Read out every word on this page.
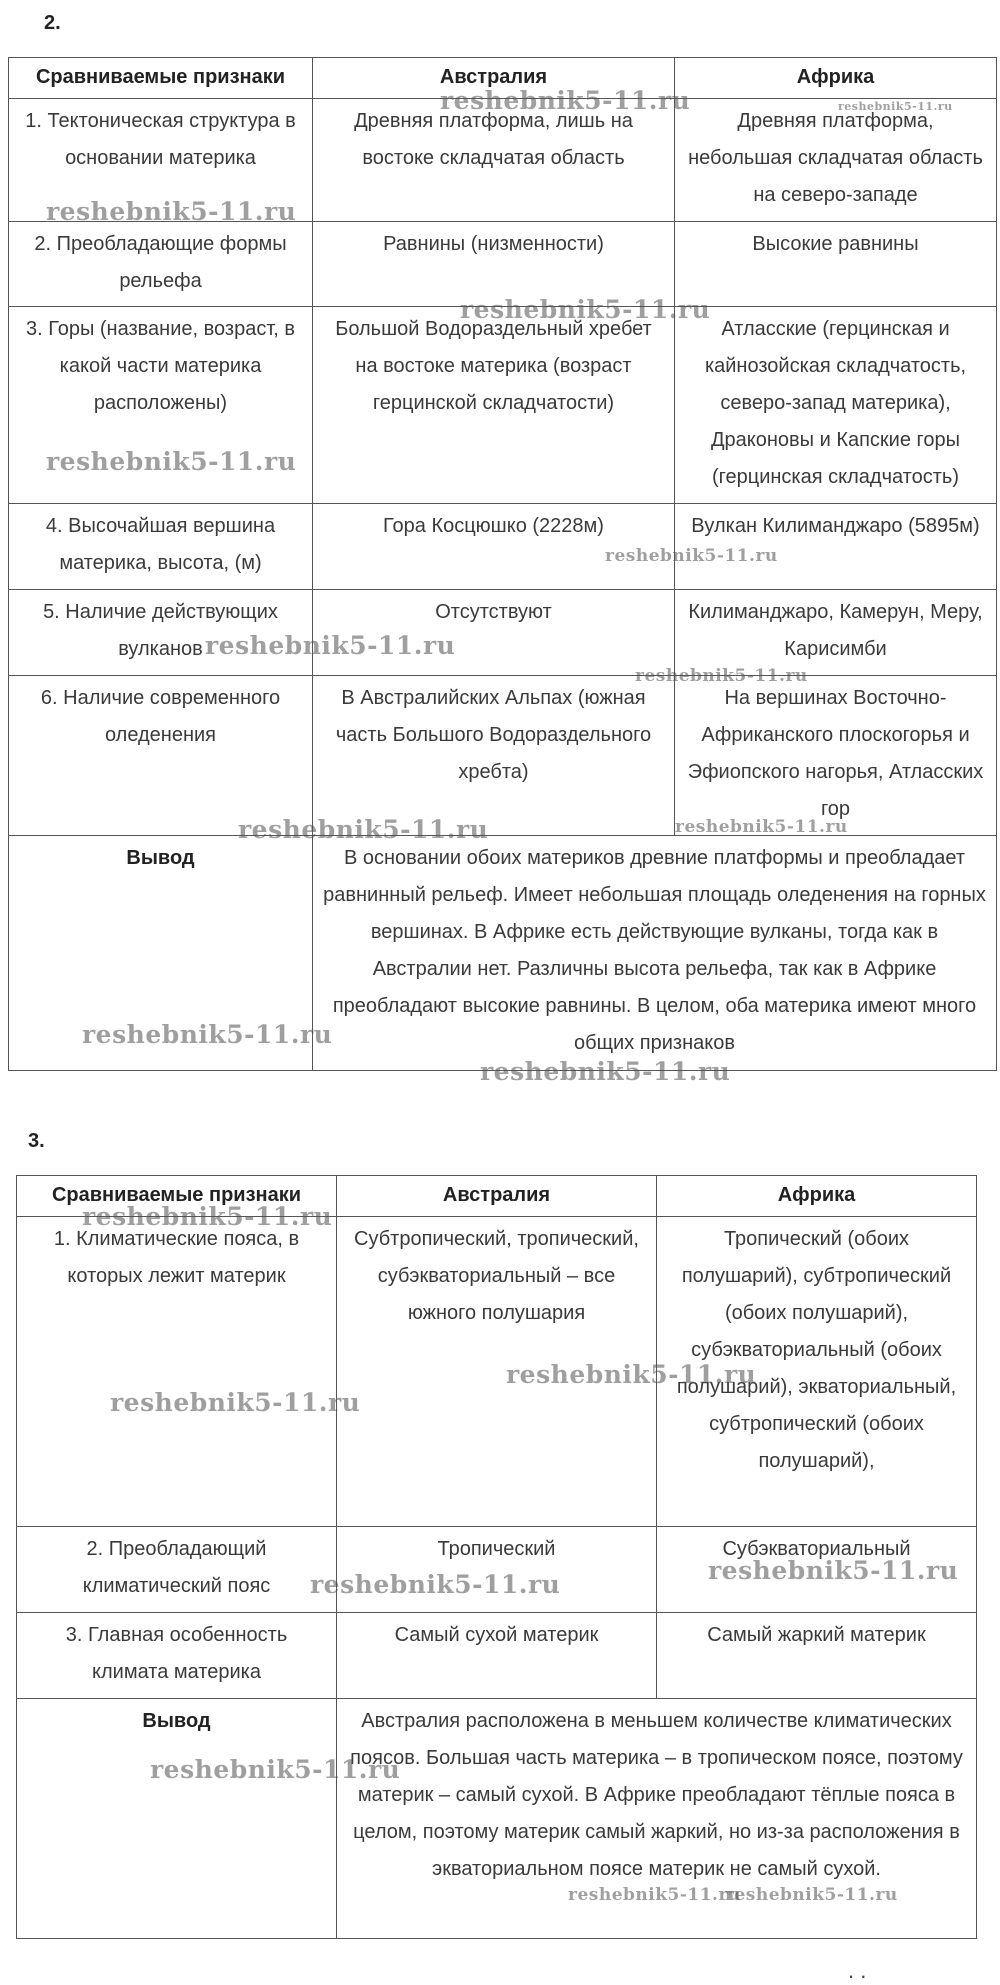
2.
Сравниваемые признаки	Австралия	Африка
1. Тектоническая структура в основании материка	Древняя платформа, лишь на востоке складчатая область	Древняя платформа, небольшая складчатая область на северо-западе
2. Преобладающие формы рельефа	Равнины (низменности)	Высокие равнины
3. Горы (название, возраст, в какой части материка расположены)	Большой Водораздельный хребет на востоке материка (возраст герцинской складчатости)	Атласские (герцинская и кайнозойская складчатость, северо-запад материка), Драконовы и Капские горы (герцинская складчатость)
4. Высочайшая вершина материка, высота, (м)	Гора Косцюшко (2228м)	Вулкан Килиманджаро (5895м)
5. Наличие действующих вулканов	Отсутствуют	Килиманджаро, Камерун, Меру, Карисимби
6. Наличие современного оледенения	В Австралийских Альпах (южная часть Большого Водораздельного хребта)	На вершинах Восточно-Африканского плоскогорья и Эфиопского нагорья, Атласских гор
Вывод	В основании обоих материков древние платформы и преобладает равнинный рельеф. Имеет небольшая площадь оледенения на горных вершинах. В Африке есть действующие вулканы, тогда как в Австралии нет. Различны высота рельефа, так как в Африке преобладают высокие равнины. В целом, оба материка имеют много общих признаков	
3.
Сравниваемые признаки	Австралия	Африка
1. Климатические пояса, в которых лежит материк	Субтропический, тропический, субэкваториальный – все южного полушария	Тропический (обоих полушарий), субтропический (обоих полушарий), субэкваториальный (обоих полушарий), экваториальный, субтропический (обоих полушарий),
2. Преобладающий климатический пояс	Тропический	Субэкваториальный
3. Главная особенность климата материка	Самый сухой материк	Самый жаркий материк
Вывод	Австралия расположена в меньшем количестве климатических поясов. Большая часть материка – в тропическом поясе, поэтому материк – самый сухой. В Африке преобладают тёплые пояса в целом, поэтому материк самый жаркий, но из-за расположения в экваториальном поясе материк не самый сухой.	
reshebnik5-11.ru	reshebnik5-11.ru
reshebnik5-11.ru
reshebnik5-11.ru
reshebnik5-11.ru
reshebnik5-11.ru
reshebnik5-11.ru
reshebnik5-11.ru
reshebnik5-11.ru	reshebnik5-11.ru
reshebnik5-11.ru
reshebnik5-11.ru
reshebnik5-11.ru
reshebnik5-11.ru
reshebnik5-11.ru
reshebnik5-11.ru	reshebnik5-11.ru
reshebnik5-11.ru
reshebnik5-11.ru
reshebnik5-11.ru
. .
